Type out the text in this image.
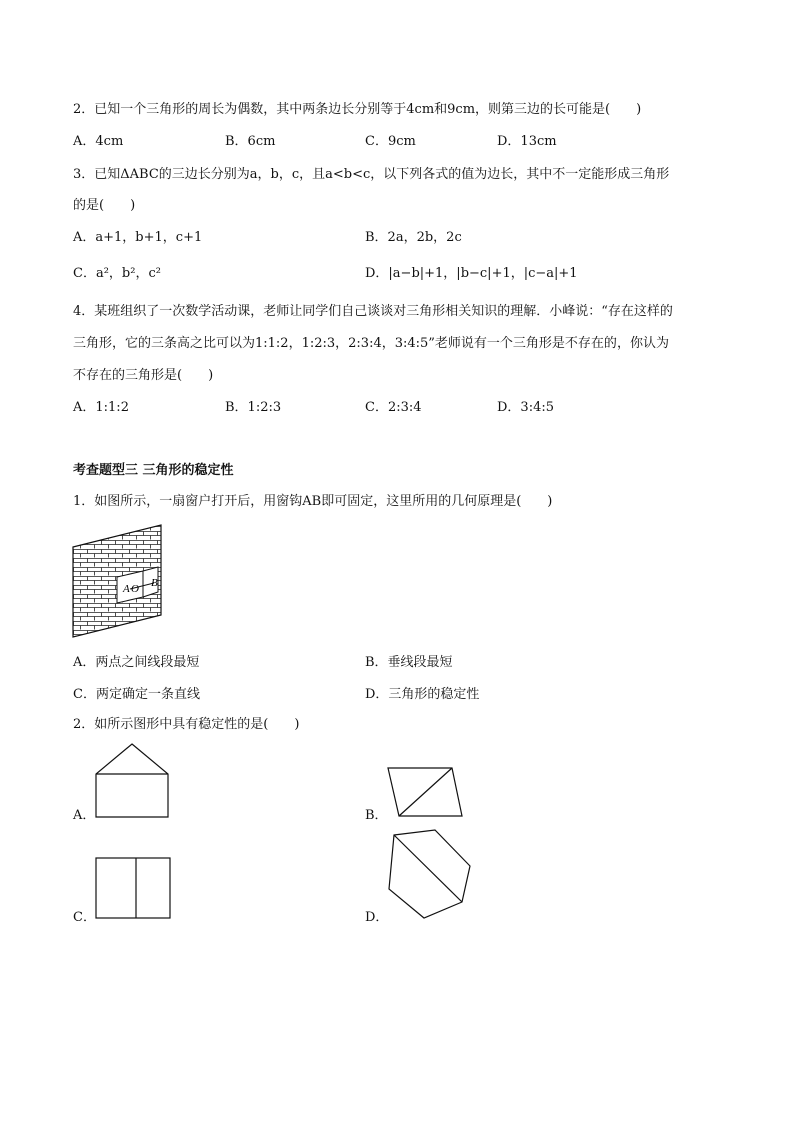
2．已知一个三角形的周长为偶数，其中两条边长分别等于4cm和9cm，则第三边的长可能是(　　)
A．4cm	B．6cm	C．9cm	D．13cm
3．已知ΔABC的三边长分别为a，b，c，且a<b<c，以下列各式的值为边长，其中不一定能形成三角形
的是(　　)
A．a+1，b+1，c+1	B．2a，2b，2c
C．a²，b²，c²	D．|a−b|+1，|b−c|+1，|c−a|+1
4．某班组织了一次数学活动课，老师让同学们自己谈谈对三角形相关知识的理解．小峰说：“存在这样的
三角形，它的三条高之比可以为1:1:2，1:2:3，2:3:4，3:4:5”老师说有一个三角形是不存在的，你认为
不存在的三角形是(　　)
A．1:1:2	B．1:2:3	C．2:3:4	D．3:4:5
考查题型三 三角形的稳定性
1．如图所示，一扇窗户打开后，用窗钩AB即可固定，这里所用的几何原理是(　　)
A O B
A．两点之间线段最短	B．垂线段最短
C．两定确定一条直线	D．三角形的稳定性
2．如所示图形中具有稳定性的是(　　)
A．	B．
C．	D．
